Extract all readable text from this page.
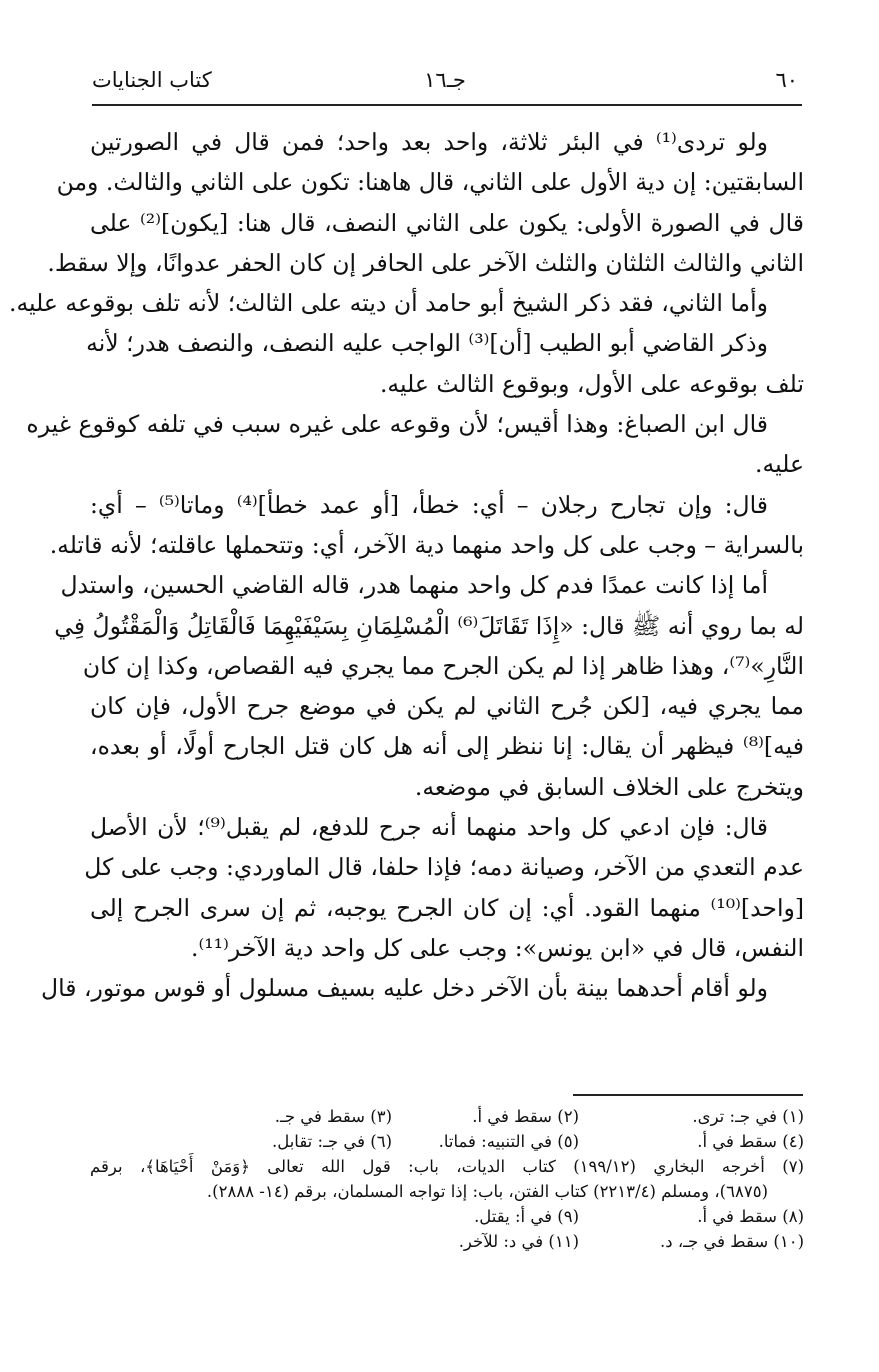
٦٠
جـ١٦
كتاب الجنايات
ولو تردى⁽¹⁾ في البئر ثلاثة، واحد بعد واحد؛ فمن قال في الصورتين
السابقتين: إن دية الأول على الثاني، قال هاهنا: تكون على الثاني والثالث. ومن
قال في الصورة الأولى: يكون على الثاني النصف، قال هنا: [يكون]⁽²⁾ على
الثاني والثالث الثلثان والثلث الآخر على الحافر إن كان الحفر عدوانًا، وإلا سقط.
وأما الثاني، فقد ذكر الشيخ أبو حامد أن ديته على الثالث؛ لأنه تلف بوقوعه عليه.
وذكر القاضي أبو الطيب [أن]⁽³⁾ الواجب عليه النصف، والنصف هدر؛ لأنه
تلف بوقوعه على الأول، وبوقوع الثالث عليه.
قال ابن الصباغ: وهذا أقيس؛ لأن وقوعه على غيره سبب في تلفه كوقوع غيره
عليه.
قال: وإن تجارح رجلان – أي: خطأ، [أو عمد خطأ]⁽⁴⁾ وماتا⁽⁵⁾ – أي:
بالسراية – وجب على كل واحد منهما دية الآخر، أي: وتتحملها عاقلته؛ لأنه قاتله.
أما إذا كانت عمدًا فدم كل واحد منهما هدر، قاله القاضي الحسين، واستدل
له بما روي أنه ﷺ قال: «إِذَا تَقَاتَلَ⁽⁶⁾ الْمُسْلِمَانِ بِسَيْفَيْهِمَا فَالْقَاتِلُ وَالْمَقْتُولُ فِي
النَّارِ»⁽⁷⁾، وهذا ظاهر إذا لم يكن الجرح مما يجري فيه القصاص، وكذا إن كان
مما يجري فيه، [لكن جُرح الثاني لم يكن في موضع جرح الأول، فإن كان
فيه]⁽⁸⁾ فيظهر أن يقال: إنا ننظر إلى أنه هل كان قتل الجارح أولًا، أو بعده،
ويتخرج على الخلاف السابق في موضعه.
قال: فإن ادعي كل واحد منهما أنه جرح للدفع، لم يقبل⁽⁹⁾؛ لأن الأصل
عدم التعدي من الآخر، وصيانة دمه؛ فإذا حلفا، قال الماوردي: وجب على كل
[واحد]⁽¹⁰⁾ منهما القود. أي: إن كان الجرح يوجبه، ثم إن سرى الجرح إلى
النفس، قال في «ابن يونس»: وجب على كل واحد دية الآخر⁽¹¹⁾.
ولو أقام أحدهما بينة بأن الآخر دخل عليه بسيف مسلول أو قوس موتور، قال
(١) في جـ: ترى.
(٢) سقط في أ.
(٣) سقط في جـ.
(٤) سقط في أ.
(٥) في التنبيه: فماتا.
(٦) في جـ: تقابل.
(٧) أخرجه البخاري (١٩٩/١٢) كتاب الديات، باب: قول الله تعالى ﴿وَمَنْ أَحْيَاهَا﴾، برقم
(٦٨٧٥)، ومسلم (٢٢١٣/٤) كتاب الفتن، باب: إذا تواجه المسلمان، برقم (١٤- ٢٨٨٨).
(٨) سقط في أ.
(٩) في أ: يقتل.
(١٠) سقط في جـ، د.
(١١) في د: للآخر.
